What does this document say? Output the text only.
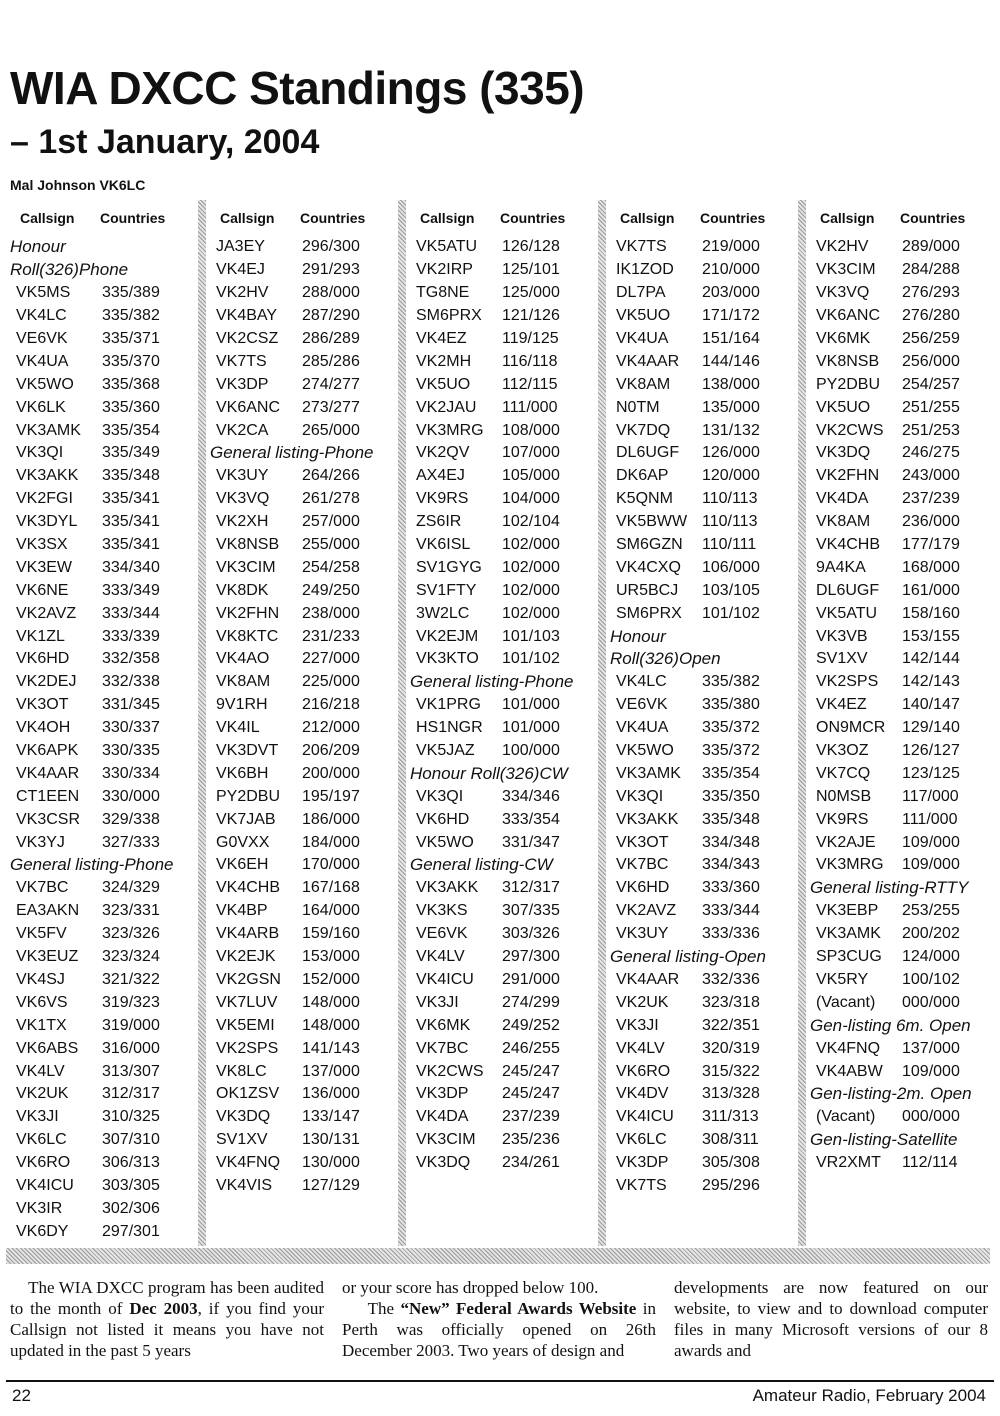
WIA DXCC Standings (335)
– 1st January, 2004
Mal Johnson VK6LC
Callsign	Countries
Honour
Roll(326)Phone
VK5MS	335/389
VK4LC	335/382
VE6VK	335/371
VK4UA	335/370
VK5WO	335/368
VK6LK	335/360
VK3AMK	335/354
VK3QI	335/349
VK3AKK	335/348
VK2FGI	335/341
VK3DYL	335/341
VK3SX	335/341
VK3EW	334/340
VK6NE	333/349
VK2AVZ	333/344
VK1ZL	333/339
VK6HD	332/358
VK2DEJ	332/338
VK3OT	331/345
VK4OH	330/337
VK6APK	330/335
VK4AAR	330/334
CT1EEN	330/000
VK3CSR	329/338
VK3YJ	327/333
General listing-Phone
VK7BC	324/329
EA3AKN	323/331
VK5FV	323/326
VK3EUZ	323/324
VK4SJ	321/322
VK6VS	319/323
VK1TX	319/000
VK6ABS	316/000
VK4LV	313/307
VK2UK	312/317
VK3JI	310/325
VK6LC	307/310
VK6RO	306/313
VK4ICU	303/305
VK3IR	302/306
VK6DY	297/301
Callsign	Countries
JA3EY	296/300
VK4EJ	291/293
VK2HV	288/000
VK4BAY	287/290
VK2CSZ	286/289
VK7TS	285/286
VK3DP	274/277
VK6ANC	273/277
VK2CA	265/000
General listing-Phone
VK3UY	264/266
VK3VQ	261/278
VK2XH	257/000
VK8NSB	255/000
VK3CIM	254/258
VK8DK	249/250
VK2FHN	238/000
VK8KTC	231/233
VK4AO	227/000
VK8AM	225/000
9V1RH	216/218
VK4IL	212/000
VK3DVT	206/209
VK6BH	200/000
PY2DBU	195/197
VK7JAB	186/000
G0VXX	184/000
VK6EH	170/000
VK4CHB	167/168
VK4BP	164/000
VK4ARB	159/160
VK2EJK	153/000
VK2GSN	152/000
VK7LUV	148/000
VK5EMI	148/000
VK2SPS	141/143
VK8LC	137/000
OK1ZSV	136/000
VK3DQ	133/147
SV1XV	130/131
VK4FNQ	130/000
VK4VIS	127/129
Callsign	Countries
VK5ATU	126/128
VK2IRP	125/101
TG8NE	125/000
SM6PRX	121/126
VK4EZ	119/125
VK2MH	116/118
VK5UO	112/115
VK2JAU	111/000
VK3MRG	108/000
VK2QV	107/000
AX4EJ	105/000
VK9RS	104/000
ZS6IR	102/104
VK6ISL	102/000
SV1GYG	102/000
SV1FTY	102/000
3W2LC	102/000
VK2EJM	101/103
VK3KTO	101/102
General listing-Phone
VK1PRG	101/000
HS1NGR	101/000
VK5JAZ	100/000
Honour Roll(326)CW
VK3QI	334/346
VK6HD	333/354
VK5WO	331/347
General listing-CW
VK3AKK	312/317
VK3KS	307/335
VE6VK	303/326
VK4LV	297/300
VK4ICU	291/000
VK3JI	274/299
VK6MK	249/252
VK7BC	246/255
VK2CWS	245/247
VK3DP	245/247
VK4DA	237/239
VK3CIM	235/236
VK3DQ	234/261
Callsign	Countries
VK7TS	219/000
IK1ZOD	210/000
DL7PA	203/000
VK5UO	171/172
VK4UA	151/164
VK4AAR	144/146
VK8AM	138/000
N0TM	135/000
VK7DQ	131/132
DL6UGF	126/000
DK6AP	120/000
K5QNM	110/113
VK5BWW 110/113
SM6GZN	110/111
VK4CXQ	106/000
UR5BCJ	103/105
SM6PRX	101/102
Honour
Roll(326)Open
VK4LC	335/382
VE6VK	335/380
VK4UA	335/372
VK5WO	335/372
VK3AMK	335/354
VK3QI	335/350
VK3AKK	335/348
VK3OT	334/348
VK7BC	334/343
VK6HD	333/360
VK2AVZ	333/344
VK3UY	333/336
General listing-Open
VK4AAR	332/336
VK2UK	323/318
VK3JI	322/351
VK4LV	320/319
VK6RO	315/322
VK4DV	313/328
VK4ICU	311/313
VK6LC	308/311
VK3DP	305/308
VK7TS	295/296
Callsign	Countries
VK2HV	289/000
VK3CIM	284/288
VK3VQ	276/293
VK6ANC	276/280
VK6MK	256/259
VK8NSB	256/000
PY2DBU	254/257
VK5UO	251/255
VK2CWS	251/253
VK3DQ	246/275
VK2FHN	243/000
VK4DA	237/239
VK8AM	236/000
VK4CHB	177/179
9A4KA	168/000
DL6UGF	161/000
VK5ATU	158/160
VK3VB	153/155
SV1XV	142/144
VK2SPS	142/143
VK4EZ	140/147
ON9MCR	129/140
VK3OZ	126/127
VK7CQ	123/125
N0MSB	117/000
VK9RS	111/000
VK2AJE	109/000
VK3MRG	109/000
General listing-RTTY
VK3EBP	253/255
VK3AMK	200/202
SP3CUG	124/000
VK5RY	100/102
(Vacant)	000/000
Gen-listing 6m. Open
VK4FNQ	137/000
VK4ABW	109/000
Gen-listing-2m. Open
(Vacant)	000/000
Gen-listing-Satellite
VR2XMT	112/114

The WIA DXCC program has been audited to the month of Dec 2003, if you find your Callsign not listed it means you have not updated in the past 5 years

or your score has dropped below 100.

The “New” Federal Awards Website in Perth was officially opened on 26th December 2003. Two years of design and

developments are now featured on our website, to view and to download computer files in many Microsoft versions of our 8 awards and

22	Amateur Radio, February 2004
